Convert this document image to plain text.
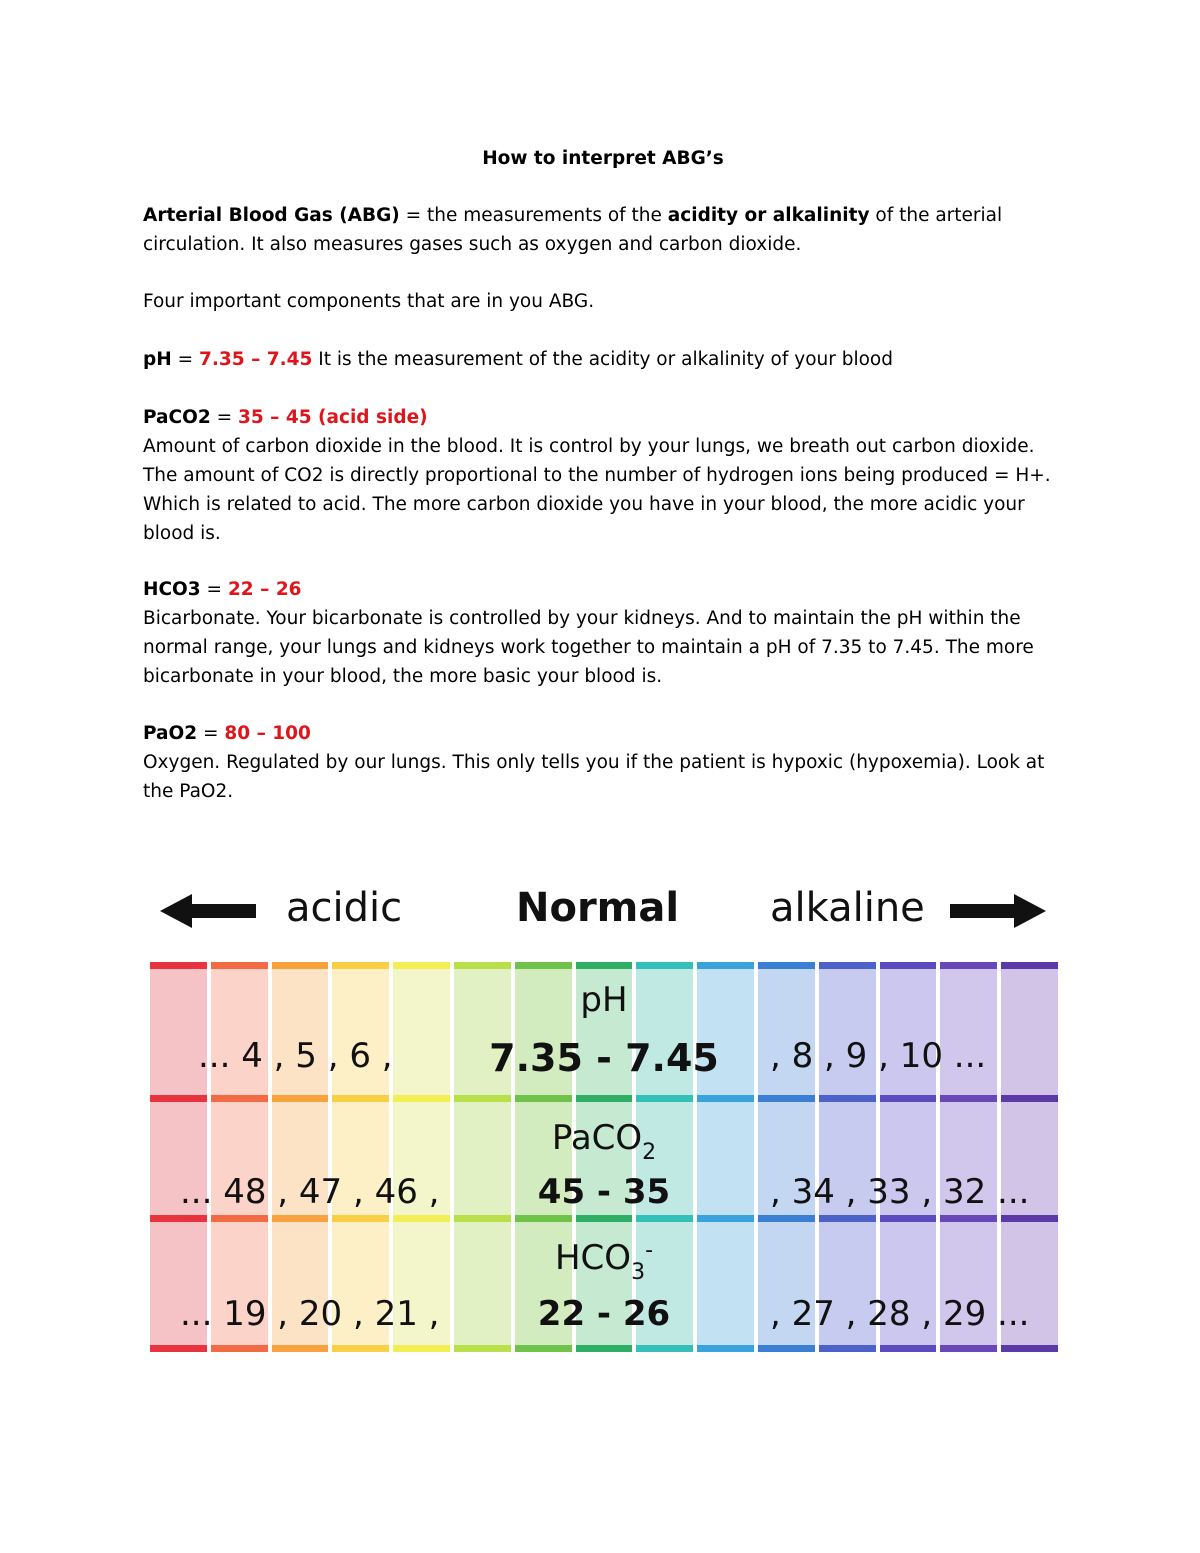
How to interpret ABG’s

Arterial Blood Gas (ABG) = the measurements of the acidity or alkalinity of the arterial circulation. It also measures gases such as oxygen and carbon dioxide.

Four important components that are in you ABG.

pH = 7.35 – 7.45 It is the measurement of the acidity or alkalinity of your blood

PaCO2 = 35 – 45 (acid side)

Amount of carbon dioxide in the blood. It is control by your lungs, we breath out carbon dioxide. The amount of CO2 is directly proportional to the number of hydrogen ions being produced = H+. Which is related to acid. The more carbon dioxide you have in your blood, the more acidic your blood is.

HCO3 = 22 – 26

Bicarbonate. Your bicarbonate is controlled by your kidneys. And to maintain the pH within the normal range, your lungs and kidneys work together to maintain a pH of 7.35 to 7.45. The more bicarbonate in your blood, the more basic your blood is.

PaO2 = 80 – 100

Oxygen. Regulated by our lungs. This only tells you if the patient is hypoxic (hypoxemia). Look at the PaO2.

acidic	Normal alkaline
pH
... 4 , 5 , 6 ,	7.35 - 7.45	, 8 , 9 , 10 ...
PaCO$_2$
... 48 , 47 , 46 ,	45 - 35	, 34 , 33 , 32 ...
$HCO_3^-$
... 19 , 20 , 21 ,	22 - 26	, 27 , 28 , 29 ...
